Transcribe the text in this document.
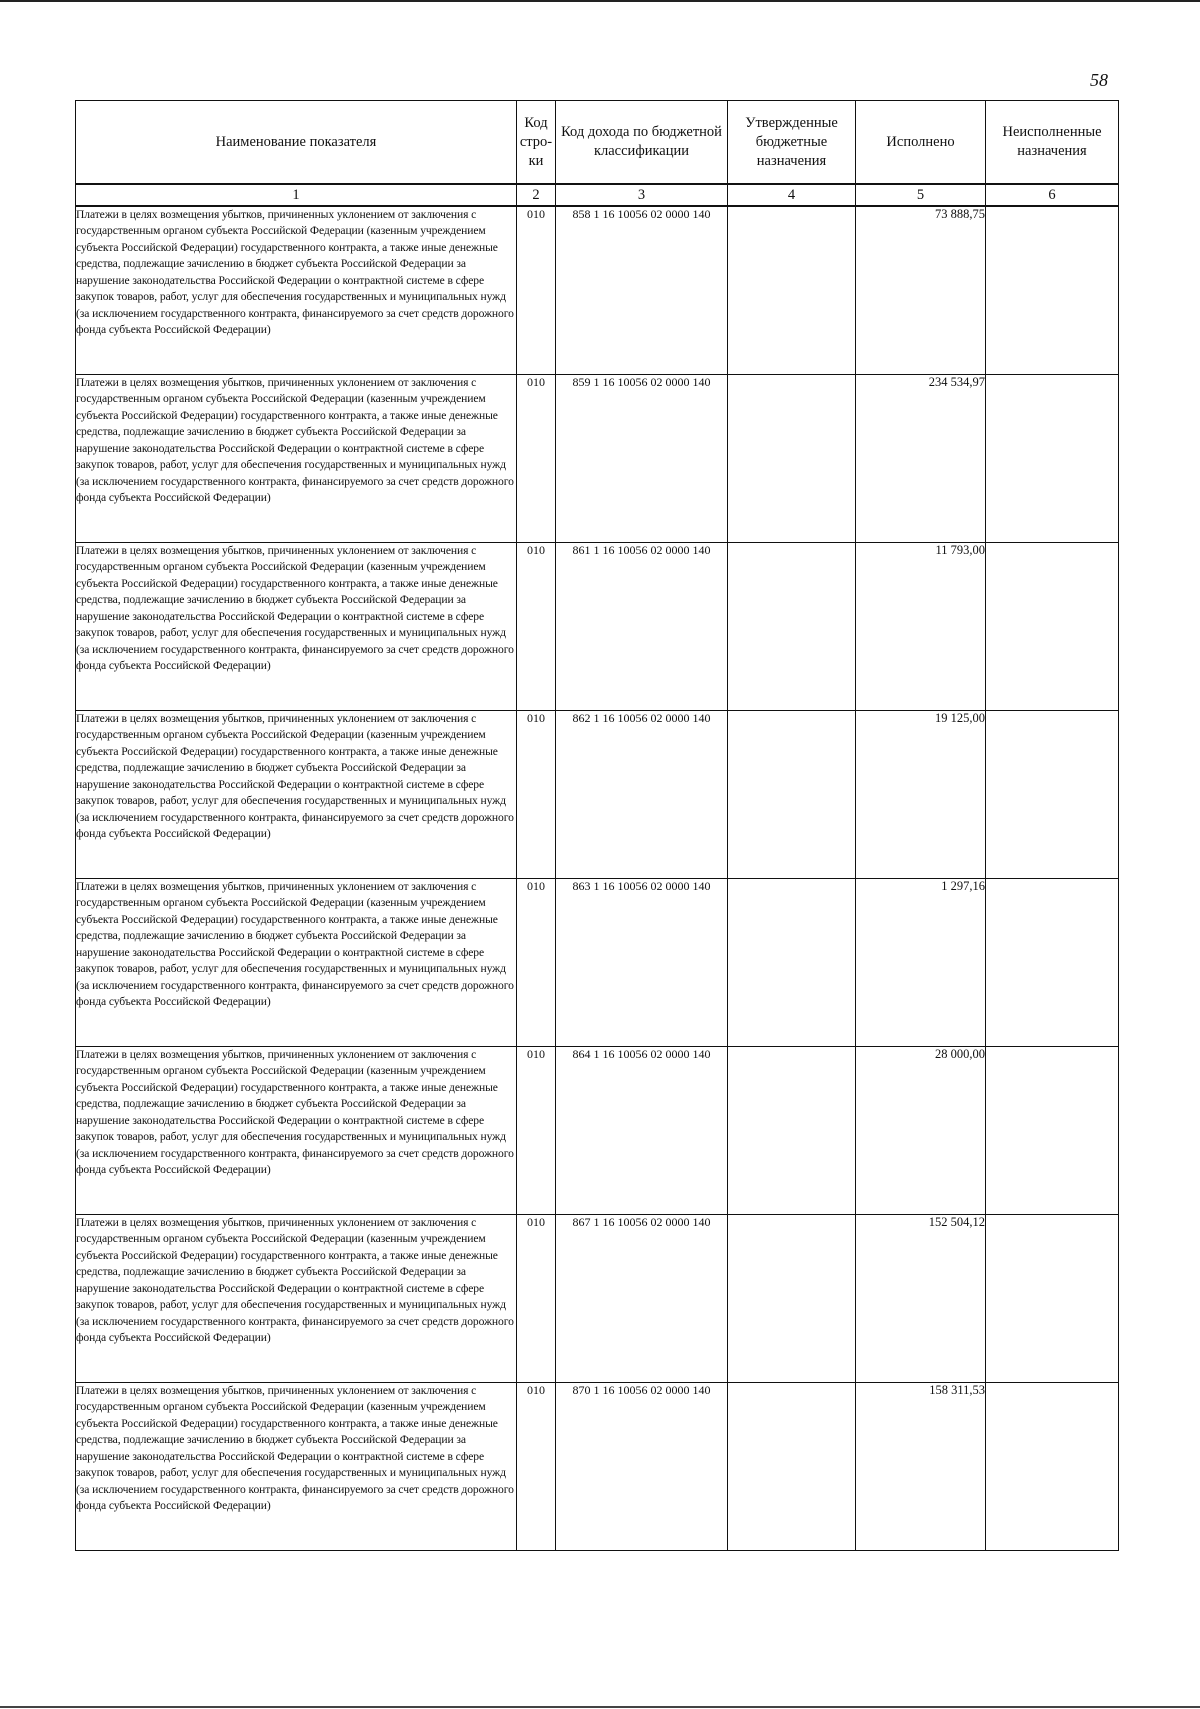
58
Наименование показателя	Код стро- ки	Код дохода по бюджетной классификации	Утвержденные бюджетные назначения	Исполнено	Неисполненные назначения
1	2	3	4	5	6
Платежи в целях возмещения убытков, причиненных уклонением от заключения с государственным органом субъекта Российской Федерации (казенным учреждением субъекта Российской Федерации) государственного контракта, а также иные денежные средства, подлежащие зачислению в бюджет субъекта Российской Федерации за нарушение законодательства Российской Федерации о контрактной системе в сфере закупок товаров, работ, услуг для обеспечения государственных и муниципальных нужд (за исключением государственного контракта, финансируемого за счет средств дорожного фонда субъекта Российской Федерации)	010	858 1 16 10056 02 0000 140		73 888,75	
Платежи в целях возмещения убытков, причиненных уклонением от заключения с государственным органом субъекта Российской Федерации (казенным учреждением субъекта Российской Федерации) государственного контракта, а также иные денежные средства, подлежащие зачислению в бюджет субъекта Российской Федерации за нарушение законодательства Российской Федерации о контрактной системе в сфере закупок товаров, работ, услуг для обеспечения государственных и муниципальных нужд (за исключением государственного контракта, финансируемого за счет средств дорожного фонда субъекта Российской Федерации)	010	859 1 16 10056 02 0000 140		234 534,97	
Платежи в целях возмещения убытков, причиненных уклонением от заключения с государственным органом субъекта Российской Федерации (казенным учреждением субъекта Российской Федерации) государственного контракта, а также иные денежные средства, подлежащие зачислению в бюджет субъекта Российской Федерации за нарушение законодательства Российской Федерации о контрактной системе в сфере закупок товаров, работ, услуг для обеспечения государственных и муниципальных нужд (за исключением государственного контракта, финансируемого за счет средств дорожного фонда субъекта Российской Федерации)	010	861 1 16 10056 02 0000 140		11 793,00	
Платежи в целях возмещения убытков, причиненных уклонением от заключения с государственным органом субъекта Российской Федерации (казенным учреждением субъекта Российской Федерации) государственного контракта, а также иные денежные средства, подлежащие зачислению в бюджет субъекта Российской Федерации за нарушение законодательства Российской Федерации о контрактной системе в сфере закупок товаров, работ, услуг для обеспечения государственных и муниципальных нужд (за исключением государственного контракта, финансируемого за счет средств дорожного фонда субъекта Российской Федерации)	010	862 1 16 10056 02 0000 140		19 125,00	
Платежи в целях возмещения убытков, причиненных уклонением от заключения с государственным органом субъекта Российской Федерации (казенным учреждением субъекта Российской Федерации) государственного контракта, а также иные денежные средства, подлежащие зачислению в бюджет субъекта Российской Федерации за нарушение законодательства Российской Федерации о контрактной системе в сфере закупок товаров, работ, услуг для обеспечения государственных и муниципальных нужд (за исключением государственного контракта, финансируемого за счет средств дорожного фонда субъекта Российской Федерации)	010	863 1 16 10056 02 0000 140		1 297,16	
Платежи в целях возмещения убытков, причиненных уклонением от заключения с государственным органом субъекта Российской Федерации (казенным учреждением субъекта Российской Федерации) государственного контракта, а также иные денежные средства, подлежащие зачислению в бюджет субъекта Российской Федерации за нарушение законодательства Российской Федерации о контрактной системе в сфере закупок товаров, работ, услуг для обеспечения государственных и муниципальных нужд (за исключением государственного контракта, финансируемого за счет средств дорожного фонда субъекта Российской Федерации)	010	864 1 16 10056 02 0000 140		28 000,00	
Платежи в целях возмещения убытков, причиненных уклонением от заключения с государственным органом субъекта Российской Федерации (казенным учреждением субъекта Российской Федерации) государственного контракта, а также иные денежные средства, подлежащие зачислению в бюджет субъекта Российской Федерации за нарушение законодательства Российской Федерации о контрактной системе в сфере закупок товаров, работ, услуг для обеспечения государственных и муниципальных нужд (за исключением государственного контракта, финансируемого за счет средств дорожного фонда субъекта Российской Федерации)	010	867 1 16 10056 02 0000 140		152 504,12	
Платежи в целях возмещения убытков, причиненных уклонением от заключения с государственным органом субъекта Российской Федерации (казенным учреждением субъекта Российской Федерации) государственного контракта, а также иные денежные средства, подлежащие зачислению в бюджет субъекта Российской Федерации за нарушение законодательства Российской Федерации о контрактной системе в сфере закупок товаров, работ, услуг для обеспечения государственных и муниципальных нужд (за исключением государственного контракта, финансируемого за счет средств дорожного фонда субъекта Российской Федерации)	010	870 1 16 10056 02 0000 140		158 311,53	
